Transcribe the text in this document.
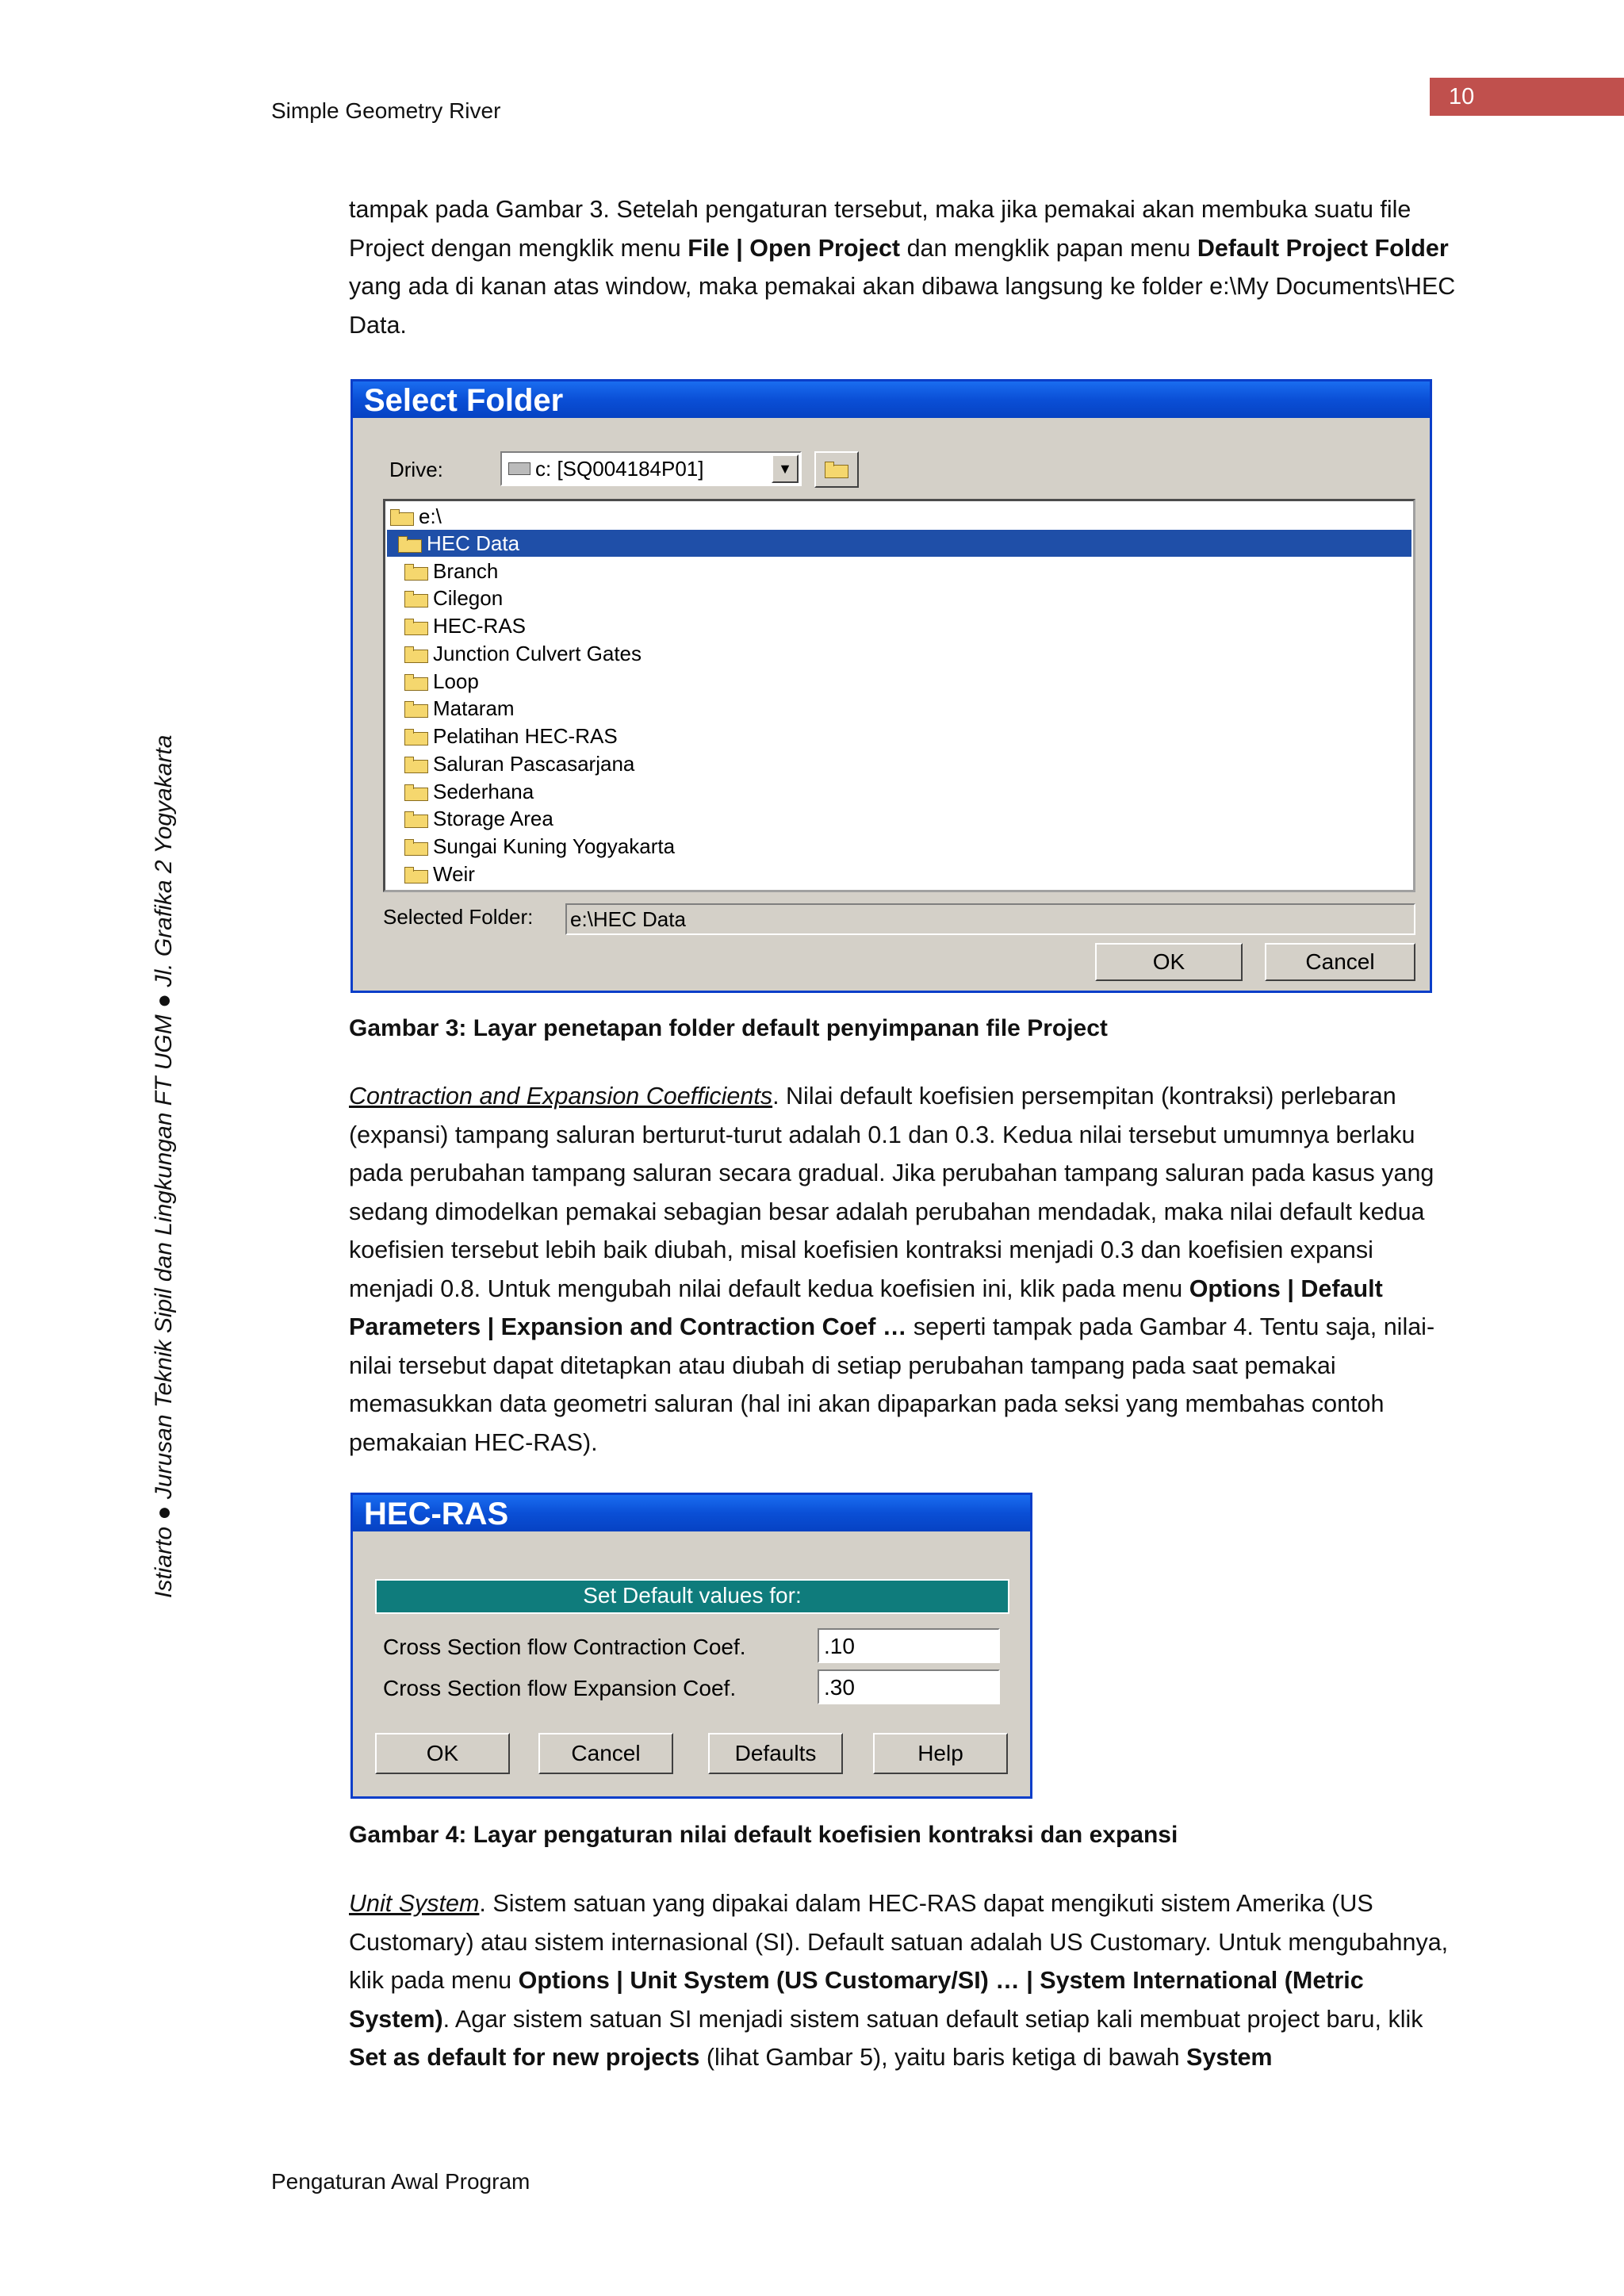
10
Simple Geometry River
Istiarto ● Jurusan Teknik Sipil dan Lingkungan FT UGM ● Jl. Grafika 2 Yogyakarta
tampak pada Gambar 3. Setelah pengaturan tersebut, maka jika pemakai akan membuka suatu file Project dengan mengklik menu File | Open Project dan mengklik papan menu Default Project Folder yang ada di kanan atas window, maka pemakai akan dibawa langsung ke folder e:\My Documents\HEC Data.
Select Folder
Drive:	c: [SQ004184P01]	▼
e:\
HEC Data
Branch
Cilegon
HEC-RAS
Junction Culvert Gates
Loop
Mataram
Pelatihan HEC-RAS
Saluran Pascasarjana
Sederhana
Storage Area
Sungai Kuning Yogyakarta
Weir
Selected Folder: e:\HEC Data
OK	Cancel
Gambar 3: Layar penetapan folder default penyimpanan file Project
Contraction and Expansion Coefficients. Nilai default koefisien persempitan (kontraksi) perlebaran (expansi) tampang saluran berturut-turut adalah 0.1 dan 0.3. Kedua nilai tersebut umumnya berlaku pada perubahan tampang saluran secara gradual. Jika perubahan tampang saluran pada kasus yang sedang dimodelkan pemakai sebagian besar adalah perubahan mendadak, maka nilai default kedua koefisien tersebut lebih baik diubah, misal koefisien kontraksi menjadi 0.3 dan koefisien expansi menjadi 0.8. Untuk mengubah nilai default kedua koefisien ini, klik pada menu Options | Default Parameters | Expansion and Contraction Coef … seperti tampak pada Gambar 4. Tentu saja, nilai-nilai tersebut dapat ditetapkan atau diubah di setiap perubahan tampang pada saat pemakai memasukkan data geometri saluran (hal ini akan dipaparkan pada seksi yang membahas contoh pemakaian HEC-RAS).
HEC-RAS
Set Default values for:
Cross Section flow Contraction Coef.	.10
Cross Section flow Expansion Coef.	.30
OK	Cancel	Defaults	Help
Gambar 4: Layar pengaturan nilai default koefisien kontraksi dan expansi
Unit System. Sistem satuan yang dipakai dalam HEC-RAS dapat mengikuti sistem Amerika (US Customary) atau sistem internasional (SI). Default satuan adalah US Customary. Untuk mengubahnya, klik pada menu Options | Unit System (US Customary/SI) … | System International (Metric System). Agar sistem satuan SI menjadi sistem satuan default setiap kali membuat project baru, klik Set as default for new projects (lihat Gambar 5), yaitu baris ketiga di bawah System
Pengaturan Awal Program
